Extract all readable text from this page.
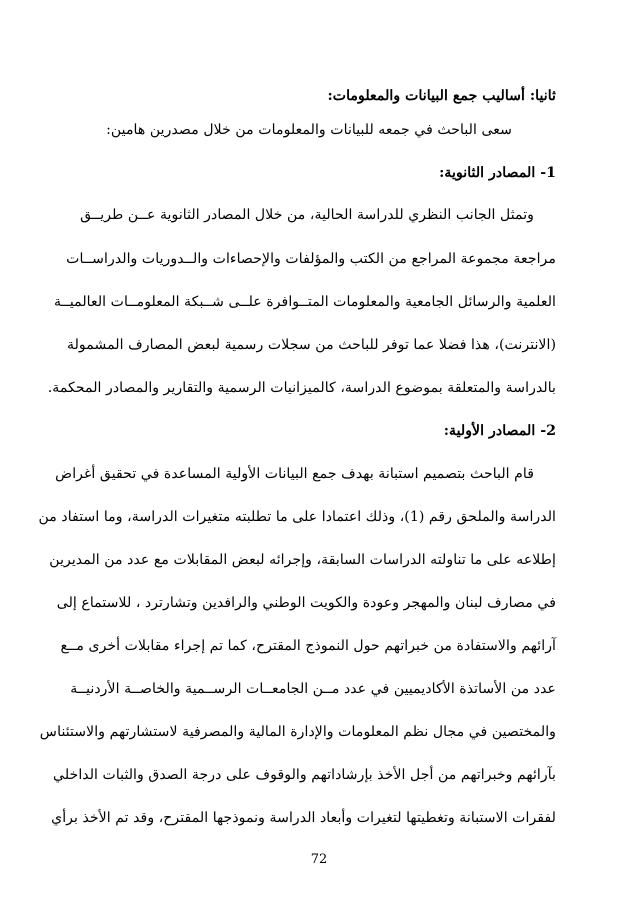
ثانيا: أساليب جمع البيانات والمعلومات:
سعى الباحث في جمعه للبيانات والمعلومات من خلال مصدرين هامين:
1- المصادر الثانوية:
وتمثل الجانب النظري للدراسة الحالية، من خلال المصادر الثانوية عــن طريــق
مراجعة مجموعة المراجع من الكتب والمؤلفات والإحصاءات والــدوريات والدراســات
العلمية والرسائل الجامعية والمعلومات المتــوافرة علــى شــبكة المعلومــات العالميــة
(الانترنت)، هذا فضلا عما توفر للباحث من سجلات رسمية لبعض المصارف المشمولة
بالدراسة والمتعلقة بموضوع الدراسة، كالميزانيات الرسمية والتقارير والمصادر المحكمة.
2- المصادر الأولية:
قام الباحث بتصميم استبانة بهدف جمع البيانات الأولية المساعدة في تحقيق أغراض
الدراسة والملحق رقم (1)، وذلك اعتمادا على ما تطلبته متغيرات الدراسة، وما استفاد من
إطلاعه على ما تناولته الدراسات السابقة، وإجرائه لبعض المقابلات مع عدد من المديرين
في مصارف لبنان والمهجر وعودة والكويت الوطني والرافدين وتشارترد ، للاستماع إلى
آرائهم والاستفادة من خبراتهم حول النموذج المقترح، كما تم إجراء مقابلات أخرى مــع
عدد من الأساتذة الأكاديميين في عدد مــن الجامعــات الرســمية والخاصــة الأردنيــة
والمختصين في مجال نظم المعلومات والإدارة المالية والمصرفية لاستشارتهم والاستئناس
بآرائهم وخبراتهم من أجل الأخذ بإرشاداتهم والوقوف على درجة الصدق والثبات الداخلي
لفقرات الاستبانة وتغطيتها لتغيرات وأبعاد الدراسة ونموذجها المقترح، وقد تم الأخذ برأي
72
